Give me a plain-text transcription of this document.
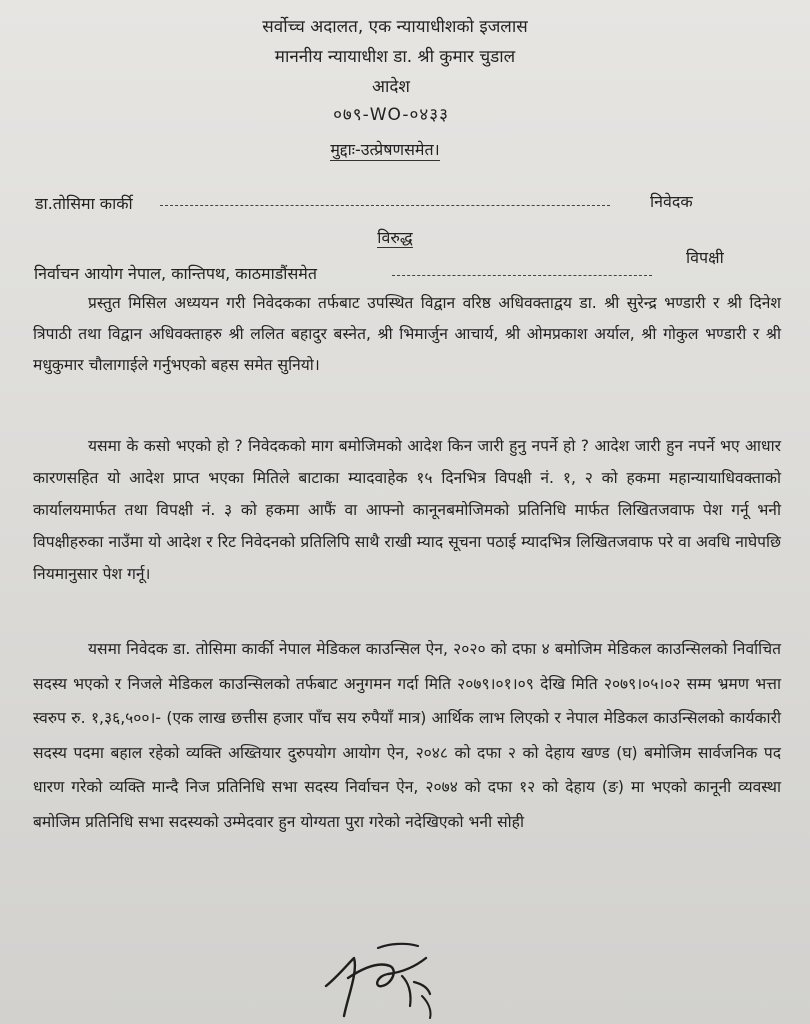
सर्वोच्च अदालत, एक न्यायाधीशको इजलास
माननीय न्यायाधीश डा. श्री कुमार चुडाल
आदेश
०७९-WO-०४३३
मुद्दाः-उत्प्रेषणसमेत।
डा.तोसिमा कार्की	निवेदक
विरुद्ध
विपक्षी
निर्वाचन आयोग नेपाल, कान्तिपथ, काठमाडौंसमेत

प्रस्तुत मिसिल अध्ययन गरी निवेदकका तर्फबाट उपस्थित विद्वान वरिष्ठ अधिवक्ताद्वय डा. श्री सुरेन्द्र भण्डारी र श्री दिनेश त्रिपाठी तथा विद्वान अधिवक्ताहरु श्री ललित बहादुर बस्नेत, श्री भिमार्जुन आचार्य, श्री ओमप्रकाश अर्याल, श्री गोकुल भण्डारी र श्री मधुकुमार चौलागाईले गर्नुभएको बहस समेत सुनियो।

यसमा के कसो भएको हो ? निवेदकको माग बमोजिमको आदेश किन जारी हुनु नपर्ने हो ? आदेश जारी हुन नपर्ने भए आधार कारणसहित यो आदेश प्राप्त भएका मितिले बाटाका म्यादवाहेक १५ दिनभित्र विपक्षी नं. १, २ को हकमा महान्यायाधिवक्ताको कार्यालयमार्फत तथा विपक्षी नं. ३ को हकमा आफैं वा आफ्नो कानूनबमोजिमको प्रतिनिधि मार्फत लिखितजवाफ पेश गर्नू भनी विपक्षीहरुका नाउँमा यो आदेश र रिट निवेदनको प्रतिलिपि साथै राखी म्याद सूचना पठाई म्यादभित्र लिखितजवाफ परे वा अवधि नाघेपछि नियमानुसार पेश गर्नू।

यसमा निवेदक डा. तोसिमा कार्की नेपाल मेडिकल काउन्सिल ऐन, २०२० को दफा ४ बमोजिम मेडिकल काउन्सिलको निर्वाचित सदस्य भएको र निजले मेडिकल काउन्सिलको तर्फबाट अनुगमन गर्दा मिति २०७९।०१।०९ देखि मिति २०७९।०५।०२ सम्म भ्रमण भत्ता स्वरुप रु. १,३६,५००।- (एक लाख छत्तीस हजार पाँच सय रुपैयाँ मात्र) आर्थिक लाभ लिएको र नेपाल मेडिकल काउन्सिलको कार्यकारी सदस्य पदमा बहाल रहेको व्यक्ति अख्तियार दुरुपयोग आयोग ऐन, २०४८ को दफा २ को देहाय खण्ड (घ) बमोजिम सार्वजनिक पद धारण गरेको व्यक्ति मान्दै निज प्रतिनिधि सभा सदस्य निर्वाचन ऐन, २०७४ को दफा १२ को देहाय (ङ) मा भएको कानूनी व्यवस्था बमोजिम प्रतिनिधि सभा सदस्यको उम्मेदवार हुन योग्यता पुरा गरेको नदेखिएको भनी सोही
